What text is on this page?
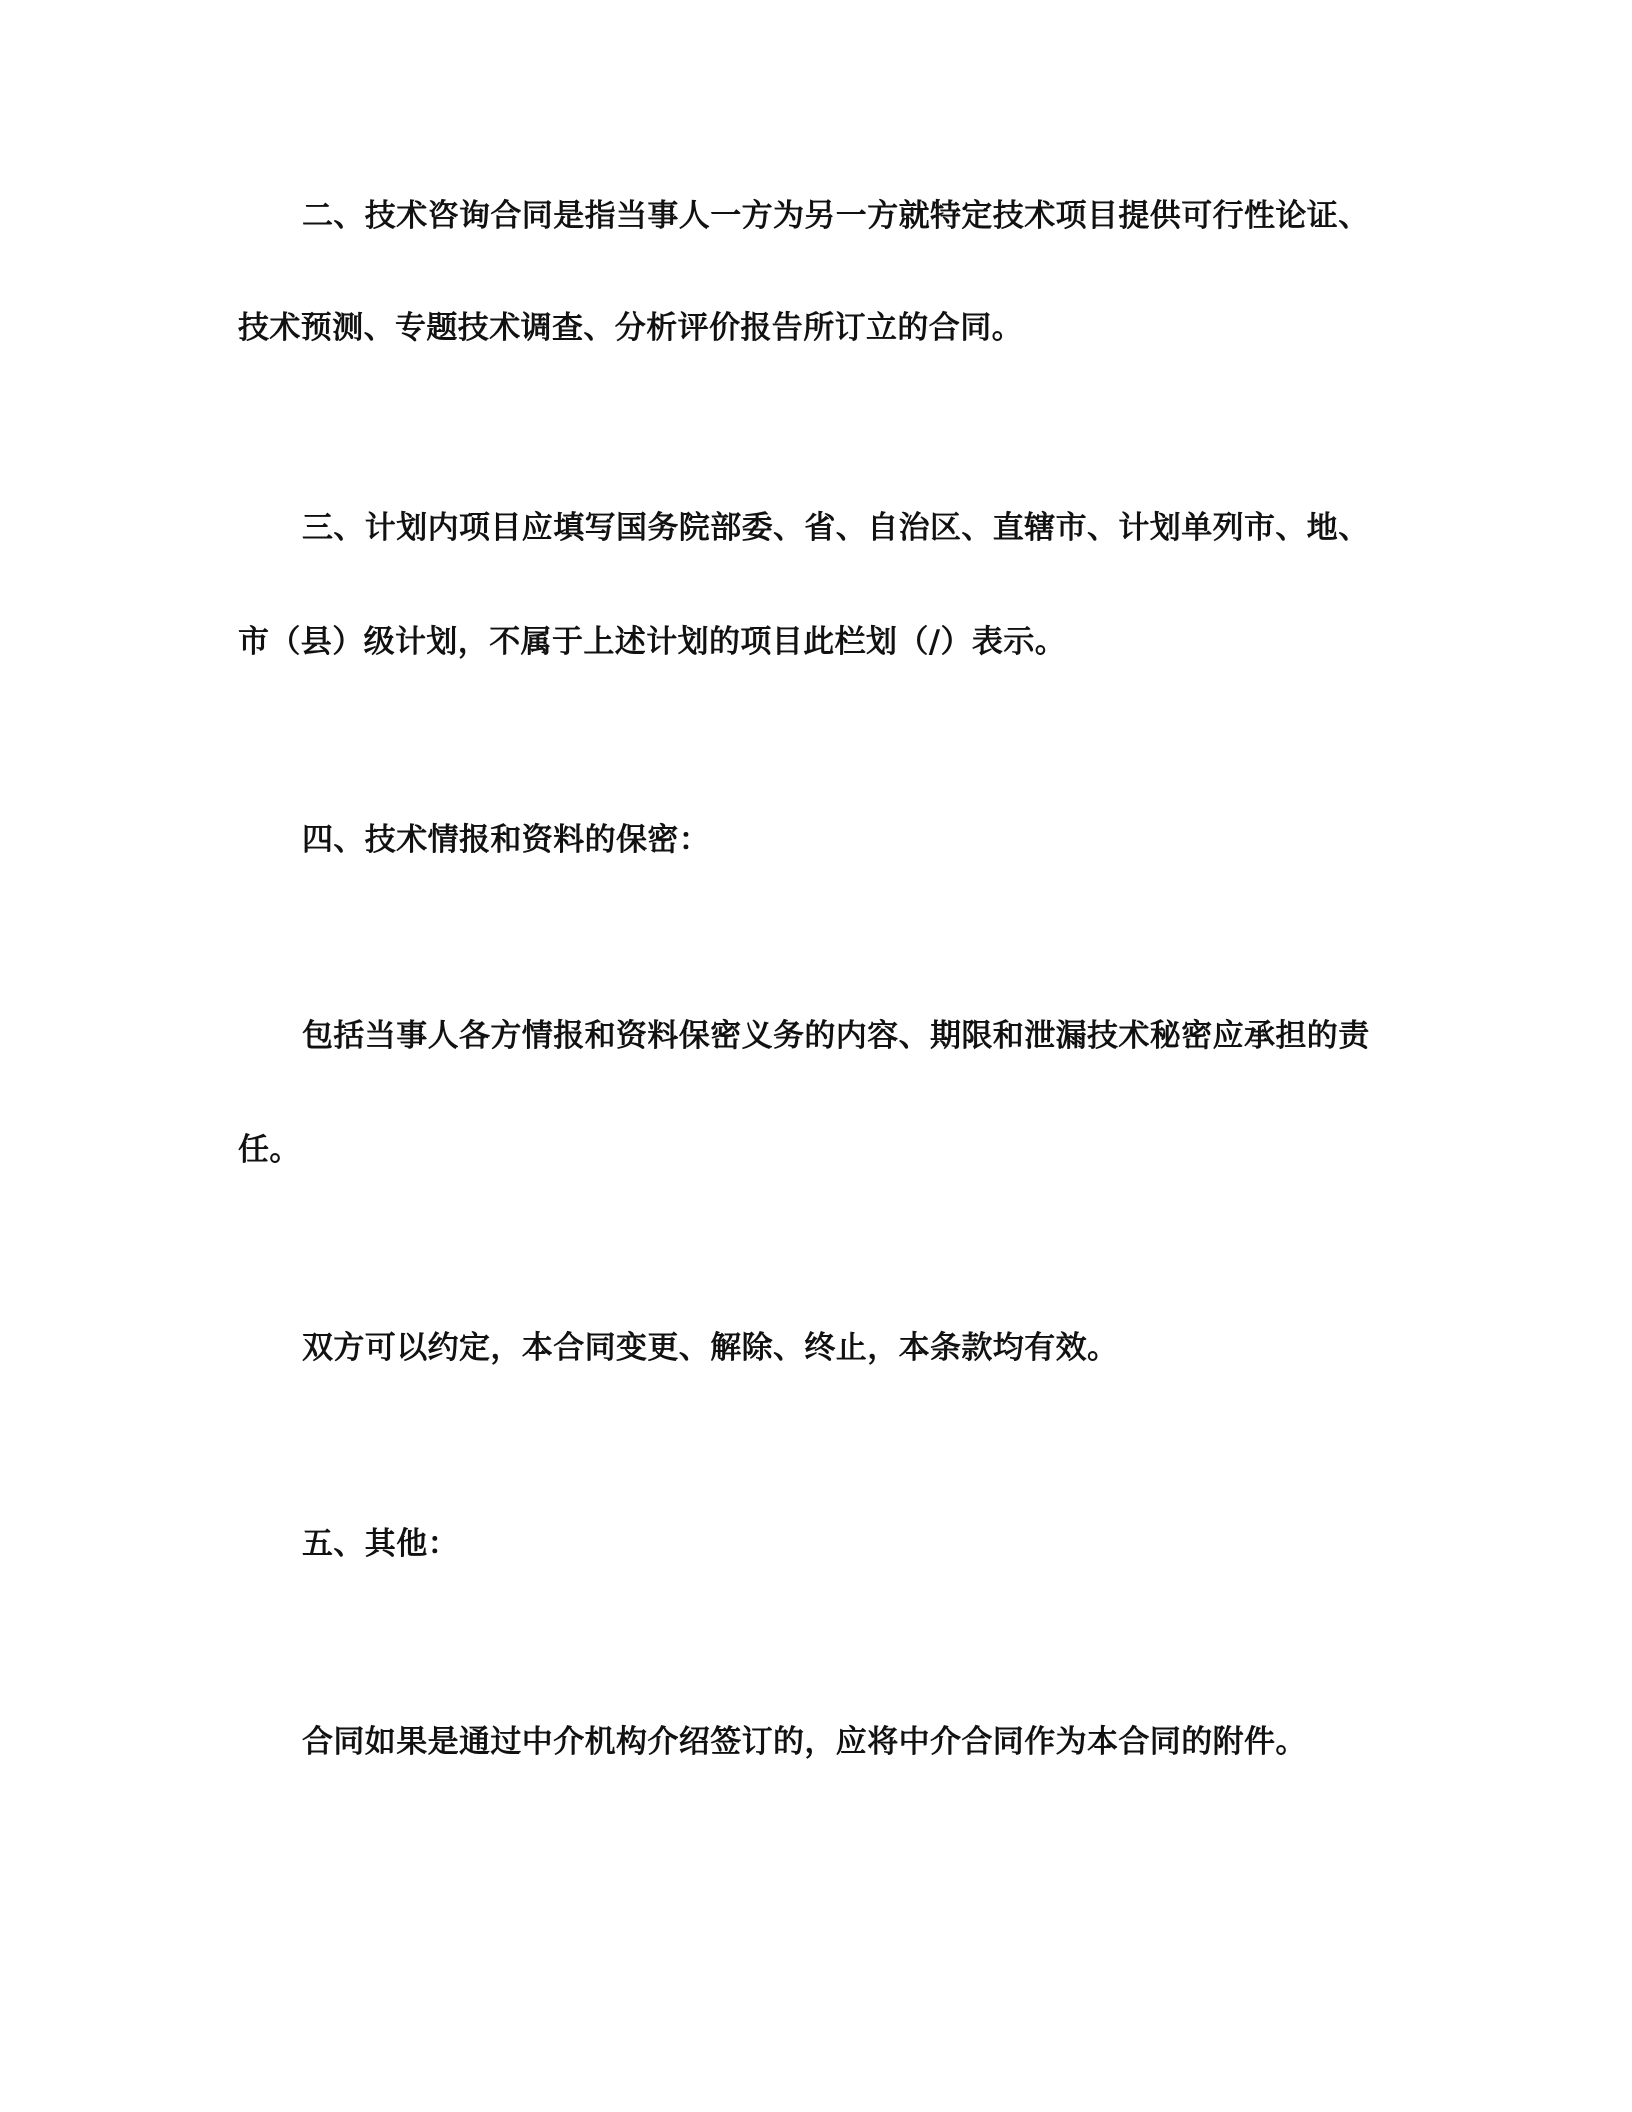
二、技术咨询合同是指当事人一方为另一方就特定技术项目提供可行性论证、

技术预测、专题技术调查、分析评价报告所订立的合同。

三、计划内项目应填写国务院部委、省、自治区、直辖市、计划单列市、地、

市（县）级计划，不属于上述计划的项目此栏划（/）表示。

四、技术情报和资料的保密：

包括当事人各方情报和资料保密义务的内容、期限和泄漏技术秘密应承担的责

任。

双方可以约定，本合同变更、解除、终止，本条款均有效。

五、其他：

合同如果是通过中介机构介绍签订的，应将中介合同作为本合同的附件。
